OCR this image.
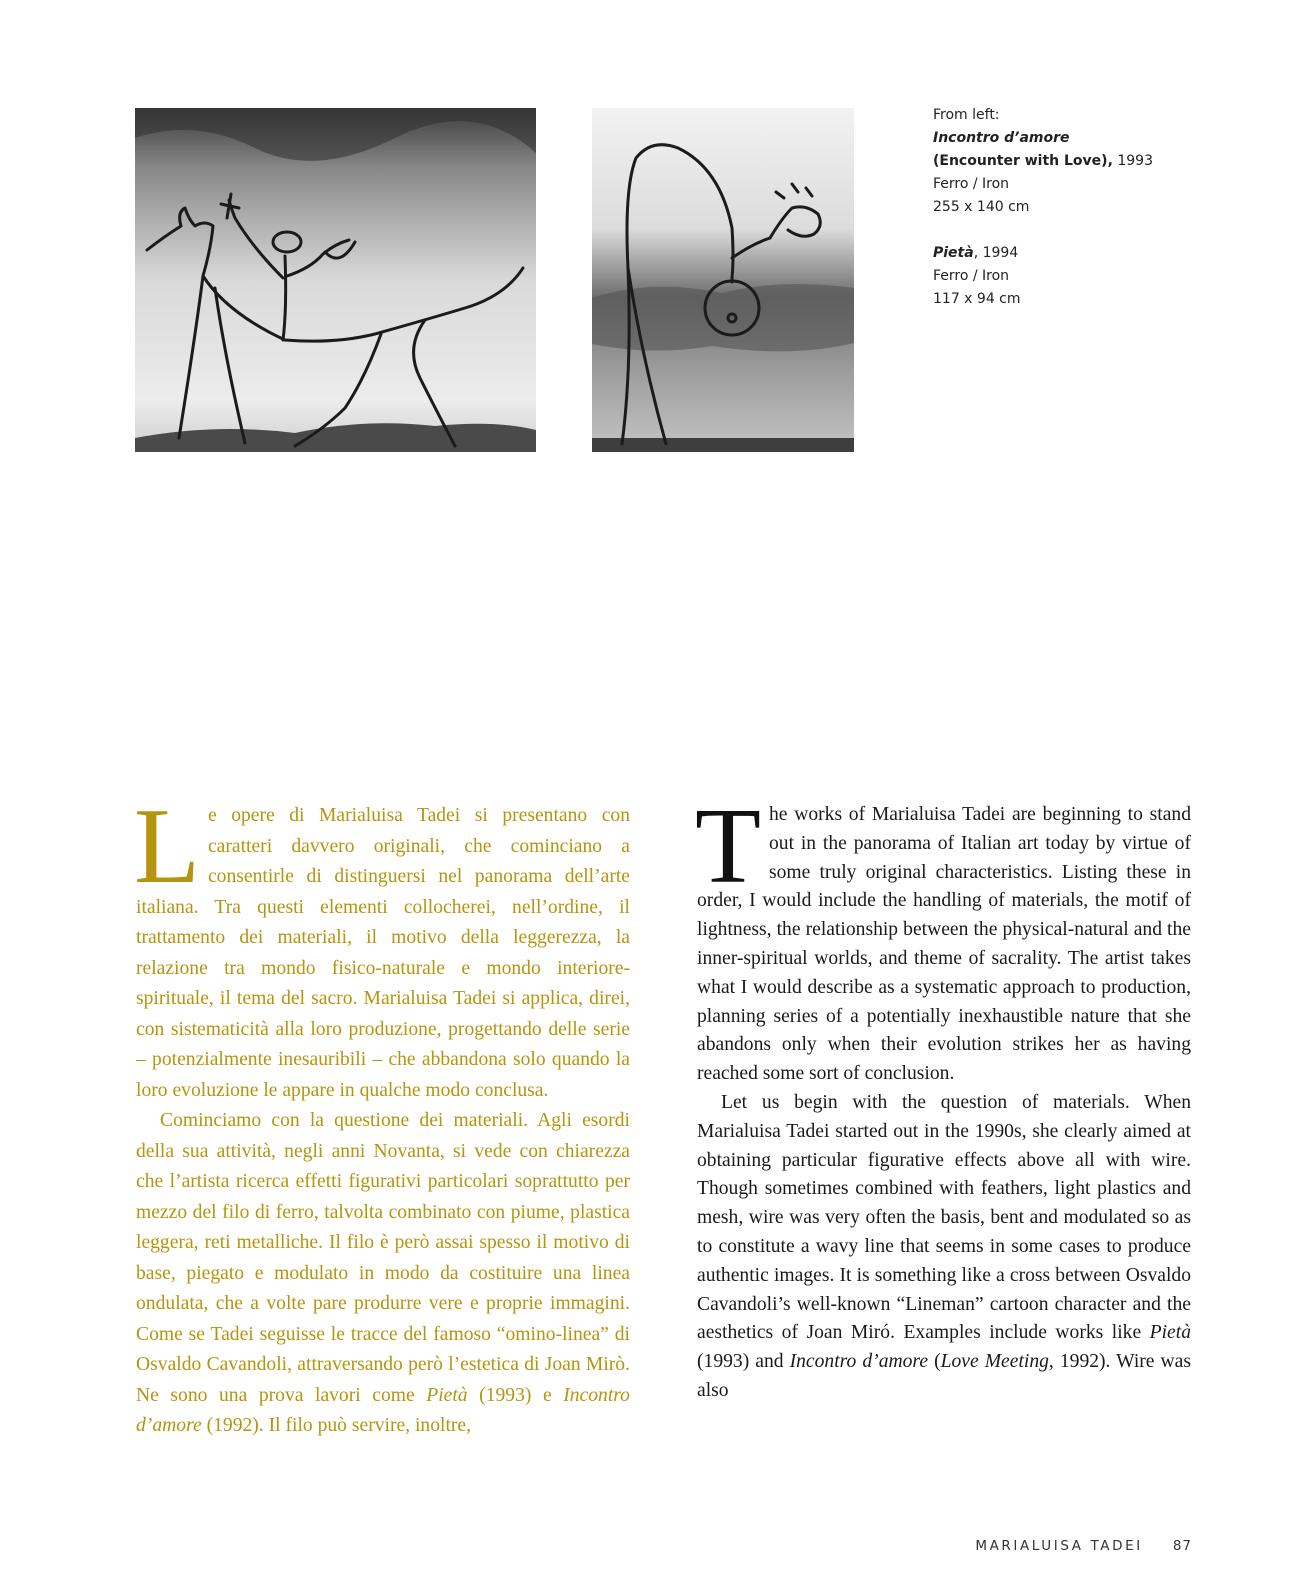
From left:
Incontro d’amore
(Encounter with Love), 1993
Ferro / Iron
255 x 140 cm
Pietà, 1994
Ferro / Iron
117 x 94 cm

Le opere di Marialuisa Tadei si presentano con caratteri davvero originali, che cominciano a consentirle di distinguersi nel panorama dell’arte italiana. Tra questi elementi collocherei, nell’ordine, il trattamento dei materiali, il motivo della leggerezza, la relazione tra mondo fisico-naturale e mondo interiore-spirituale, il tema del sacro. Marialuisa Tadei si applica, direi, con sistematicità alla loro produzione, progettando delle serie – potenzialmente inesauribili – che abbandona solo quando la loro evoluzione le appare in qualche modo conclusa.

Cominciamo con la questione dei materiali. Agli esordi della sua attività, negli anni Novanta, si vede con chiarezza che l’artista ricerca effetti figurativi particolari soprattutto per mezzo del filo di ferro, talvolta combinato con piume, plastica leggera, reti metalliche. Il filo è però assai spesso il motivo di base, piegato e modulato in modo da costituire una linea ondulata, che a volte pare produrre vere e proprie immagini. Come se Tadei seguisse le tracce del famoso “omino-linea” di Osvaldo Cavandoli, attraversando però l’estetica di Joan Mirò. Ne sono una prova lavori come Pietà (1993) e Incontro d’amore (1992). Il filo può servire, inoltre,

The works of Marialuisa Tadei are beginning to stand out in the panorama of Italian art today by virtue of some truly original characteristics. Listing these in order, I would include the handling of materials, the motif of lightness, the relationship between the physical-natural and the inner-spiritual worlds, and theme of sacrality. The artist takes what I would describe as a systematic approach to production, planning series of a potentially inexhaustible nature that she abandons only when their evolution strikes her as having reached some sort of conclusion.

Let us begin with the question of materials. When Marialuisa Tadei started out in the 1990s, she clearly aimed at obtaining particular figurative effects above all with wire. Though sometimes combined with feathers, light plastics and mesh, wire was very often the basis, bent and modulated so as to constitute a wavy line that seems in some cases to produce authentic images. It is something like a cross between Osvaldo Cavandoli’s well-known “Lineman” cartoon character and the aesthetics of Joan Miró. Examples include works like Pietà (1993) and Incontro d’amore (Love Meeting, 1992). Wire was also

MARIALUISA TADEI 87
